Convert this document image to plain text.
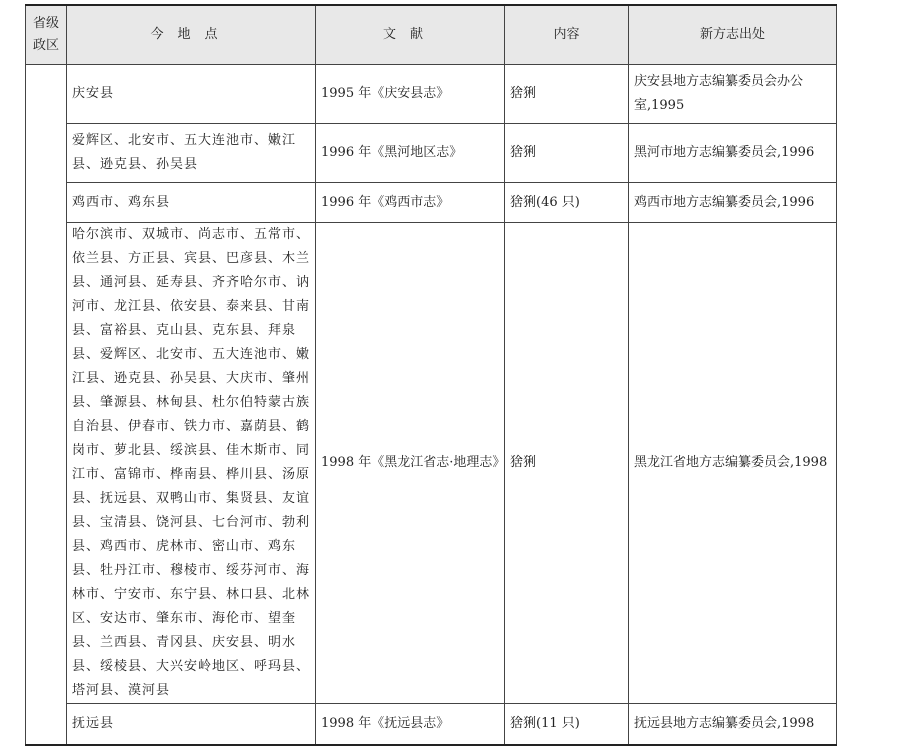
省级政区	今地点	文献	内容	新方志出处
	庆安县	1995 年《庆安县志》	猞猁	庆安县地方志编纂委员会办公室,1995
	爱辉区、北安市、五大连池市、嫩江县、逊克县、孙吴县	1996 年《黑河地区志》	猞猁	黑河市地方志编纂委员会,1996
	鸡西市、鸡东县	1996 年《鸡西市志》	猞猁(46 只)	鸡西市地方志编纂委员会,1996
	哈尔滨市、双城市、尚志市、五常市、依兰县、方正县、宾县、巴彦县、木兰县、通河县、延寿县、齐齐哈尔市、讷河市、龙江县、依安县、泰来县、甘南县、富裕县、克山县、克东县、拜泉县、爱辉区、北安市、五大连池市、嫩江县、逊克县、孙吴县、大庆市、肇州县、肇源县、林甸县、杜尔伯特蒙古族自治县、伊春市、铁力市、嘉荫县、鹤岗市、萝北县、绥滨县、佳木斯市、同江市、富锦市、桦南县、桦川县、汤原县、抚远县、双鸭山市、集贤县、友谊县、宝清县、饶河县、七台河市、勃利县、鸡西市、虎林市、密山市、鸡东县、牡丹江市、穆棱市、绥芬河市、海林市、宁安市、东宁县、林口县、北林区、安达市、肇东市、海伦市、望奎县、兰西县、青冈县、庆安县、明水县、绥棱县、大兴安岭地区、呼玛县、塔河县、漠河县	1998 年《黑龙江省志·地理志》	猞猁	黑龙江省地方志编纂委员会,1998
	抚远县	1998 年《抚远县志》	猞猁(11 只)	抚远县地方志编纂委员会,1998
